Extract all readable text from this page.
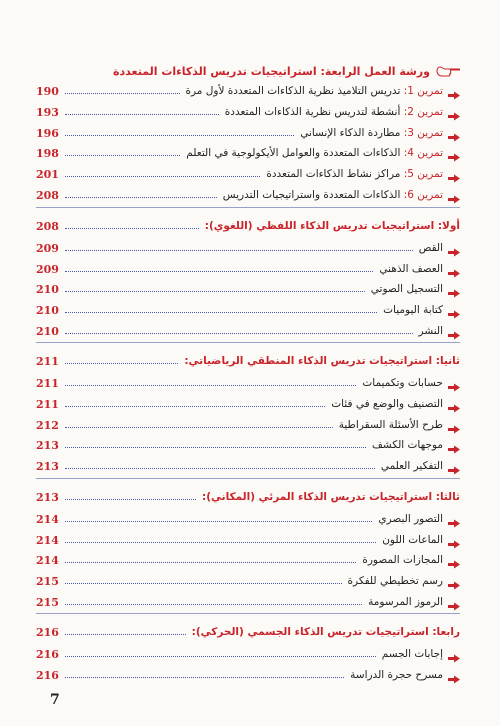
ورشة العمل الرابعة: استراتيجيات تدريس الذكاءات المتعددة
تمرين 1: تدريس التلاميذ نظرية الذكاءات المتعددة لأول مرة
190
تمرين 2: أنشطة لتدريس نظرية الذكاءات المتعددة
193
تمرين 3: مطاردة الذكاء الإنساني
196
تمرين 4: الذكاءات المتعددة والعوامل الأيكولوجية في التعلم
198
تمرين 5: مراكز نشاط الذكاءات المتعددة
201
تمرين 6: الذكاءات المتعددة واستراتيجيات التدريس
208
أولا: استراتيجيات تدريس الذكاء اللفظي (اللغوي):
208
القص
209
العصف الذهني
209
التسجيل الصوتي
210
كتابة اليوميات
210
النشر
210
ثانيا: استراتيجيات تدريس الذكاء المنطقي الرياضياتي:
211
حسابات وتكميمات
211
التصنيف والوضع في فئات
211
طرح الأسئلة السقراطية
212
موجهات الكشف
213
التفكير العلمي
213
ثالثا: استراتيجيات تدريس الذكاء المرئي (المكاني):
213
التصور البصري
214
الماعات اللون
214
المجازات المصورة
214
رسم تخطيطي للفكرة
215
الرموز المرسومة
215
رابعا: استراتيجيات تدريس الذكاء الجسمي (الحركي):
216
إجابات الجسم
216
مسرح حجرة الدراسة
216
7
